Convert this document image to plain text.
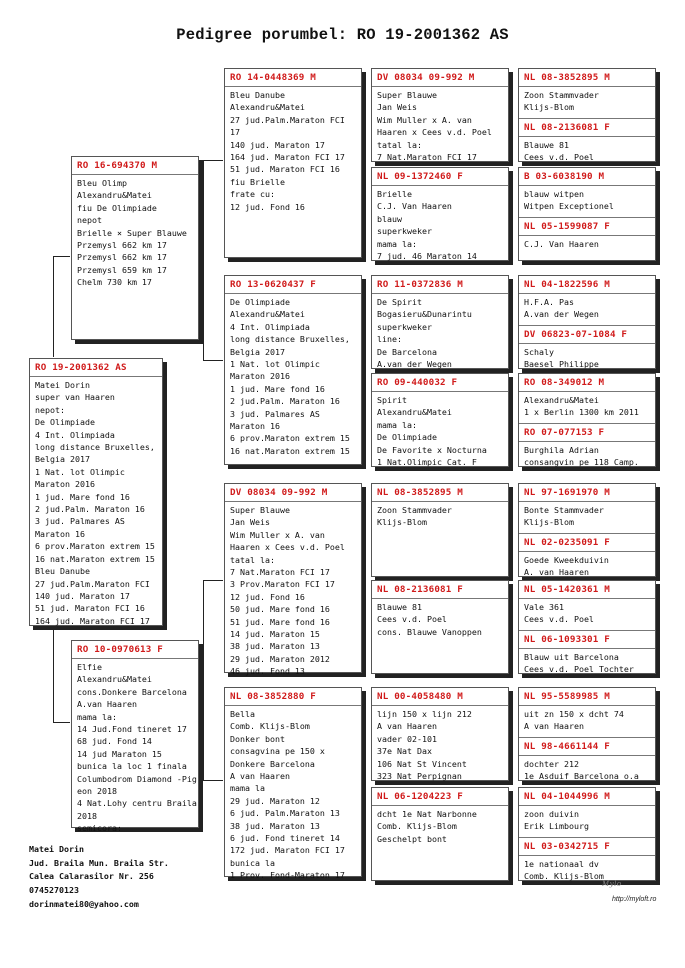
Pedigree porumbel: RO 19-2001362 AS
RO 19-2001362 AS
Matei Dorin
super van Haaren
nepot:
De Olimpiade
4 Int. Olimpiada
long distance Bruxelles,
Belgia 2017
1 Nat. lot Olimpic
Maraton 2016
1 jud. Mare fond 16
2 jud.Palm. Maraton 16
3 jud. Palmares AS
Maraton 16
6 prov.Maraton extrem 15
16 nat.Maraton extrem 15
Bleu Danube
27 jud.Palm.Maraton FCI
140 jud. Maraton 17
51 jud. Maraton FCI 16
164 jud. Maraton FCI 17
RO 16-694370 M
Bleu Olimp
Alexandru&Matei
fiu De Olimpiade
nepot
Brielle × Super Blauwe
Przemysl 662 km 17
Przemysl 662 km 17
Przemysl 659 km 17
Chelm 730 km 17
RO 10-0970613 F
Elfie
Alexandru&Matei
cons.Donkere Barcelona
A.van Haaren
mama la:
14 Jud.Fond tineret 17
68 jud. Fond 14
14 jud Maraton 15
bunica la loc 1 finala
Columbodrom Diamond -Pig
eon 2018
4 Nat.Lohy centru Braila
2018
semicora:
RO 14-0448369 M
Bleu Danube
Alexandru&Matei
27 jud.Palm.Maraton FCI
17
140 jud. Maraton 17
164 jud. Maraton FCI 17
51 jud. Maraton FCI 16
fiu Brielle
frate cu:
12 jud. Fond 16
RO 13-0620437 F
De Olimpiade
Alexandru&Matei
4 Int. Olimpiada
long distance Bruxelles,
Belgia 2017
1 Nat. lot Olimpic
Maraton 2016
1 jud. Mare fond 16
2 jud.Palm. Maraton 16
3 jud. Palmares AS
Maraton 16
6 prov.Maraton extrem 15
16 nat.Maraton extrem 15
DV 08034 09-992 M
Super Blauwe
Jan Weis
Wim Muller x A. van
Haaren x Cees v.d. Poel
tatal la:
7 Nat.Maraton FCI 17
3 Prov.Maraton FCI 17
12 jud. Fond 16
50 jud. Mare fond 16
51 jud. Mare fond 16
14 jud. Maraton 15
38 jud. Maraton 13
29 jud. Maraton 2012
46 jud. Fond 13
NL 08-3852880 F
Bella
Comb. Klijs-Blom
Donker bont
consagvina pe 150 x
Donkere Barcelona
A van Haaren
mama la
29 jud. Maraton 12
6 jud. Palm.Maraton 13
38 jud. Maraton 13
6 jud. Fond tineret 14
172 jud. Maraton FCI 17
bunica la
1 Prov. Fond-Maraton 17
DV 08034 09-992 M
Super Blauwe
Jan Weis
Wim Muller x A. van
Haaren x Cees v.d. Poel
tatal la:
7 Nat.Maraton FCI 17
NL 09-1372460 F
Brielle
C.J. Van Haaren
blauw
superkweker
mama la:
7 jud. 46 Maraton 14
RO 11-0372836 M
De Spirit
Bogasieru&Dunarintu
superkweker
line:
De Barcelona
A.van der Wegen
RO 09-440032 F
Spirit
Alexandru&Matei
mama la:
De Olimpiade
De Favorite x Nocturna
1 Nat.Olimpic Cat. F
NL 08-3852895 M
Zoon Stammvader
Klijs-Blom
NL 08-2136081 F
Blauwe 81
Cees v.d. Poel
cons. Blauwe Vanoppen
NL 00-4058480 M
lijn 150 x lijn 212
A van Haaren
vader 02-101
37e Nat Dax
106 Nat St Vincent
323 Nat Perpignan
NL 06-1204223 F
dcht 1e Nat Narbonne
Comb. Klijs-Blom
Geschelpt bont
NL 08-3852895 M
Zoon Stammvader
Klijs-Blom
NL 08-2136081 F
Blauwe 81
Cees v.d. Poel
B 03-6038190 M
blauw witpen
Witpen Exceptionel
NL 05-1599087 F
C.J. Van Haaren
NL 04-1822596 M
H.F.A. Pas
A.van der Wegen
DV 06823-07-1084 F
Schaly
Baesel Philippe
RO 08-349012 M
Alexandru&Matei
1 x Berlin 1300 km 2011
RO 07-077153 F
Burghila Adrian
consangvin pe 118 Camp.
NL 97-1691970 M
Bonte Stammvader
Klijs-Blom
NL 02-0235091 F
Goede Kweekduivin
A. van Haaren
NL 05-1420361 M
Vale 361
Cees v.d. Poel
NL 06-1093301 F
Blauw uit Barcelona
Cees v.d. Poel Tochter
NL 95-5589985 M
uit zn 150 x dcht 74
A van Haaren
NL 98-4661144 F
dochter 212
1e Asduif Barcelona o.a
NL 04-1044996 M
zoon duivin
Erik Limbourg
NL 03-0342715 F
1e nationaal dv
Comb. Klijs-Blom
Matei Dorin
Jud. Braila Mun. Braila Str.
Calea Calarasilor Nr. 256
0745270123
dorinmatei80@yahoo.com
Mylo
http://myloft.ro
